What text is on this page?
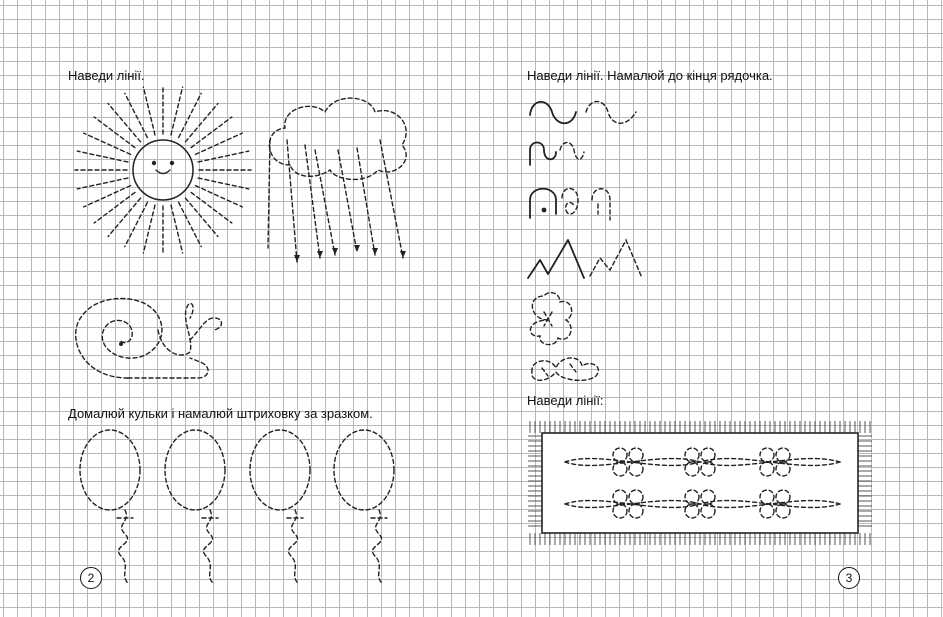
Наведи лінії.
Домалюй кульки і намалюй штриховку за зразком.
Наведи лінії. Намалюй до кінця рядочка.
Наведи лінії:
2	3
